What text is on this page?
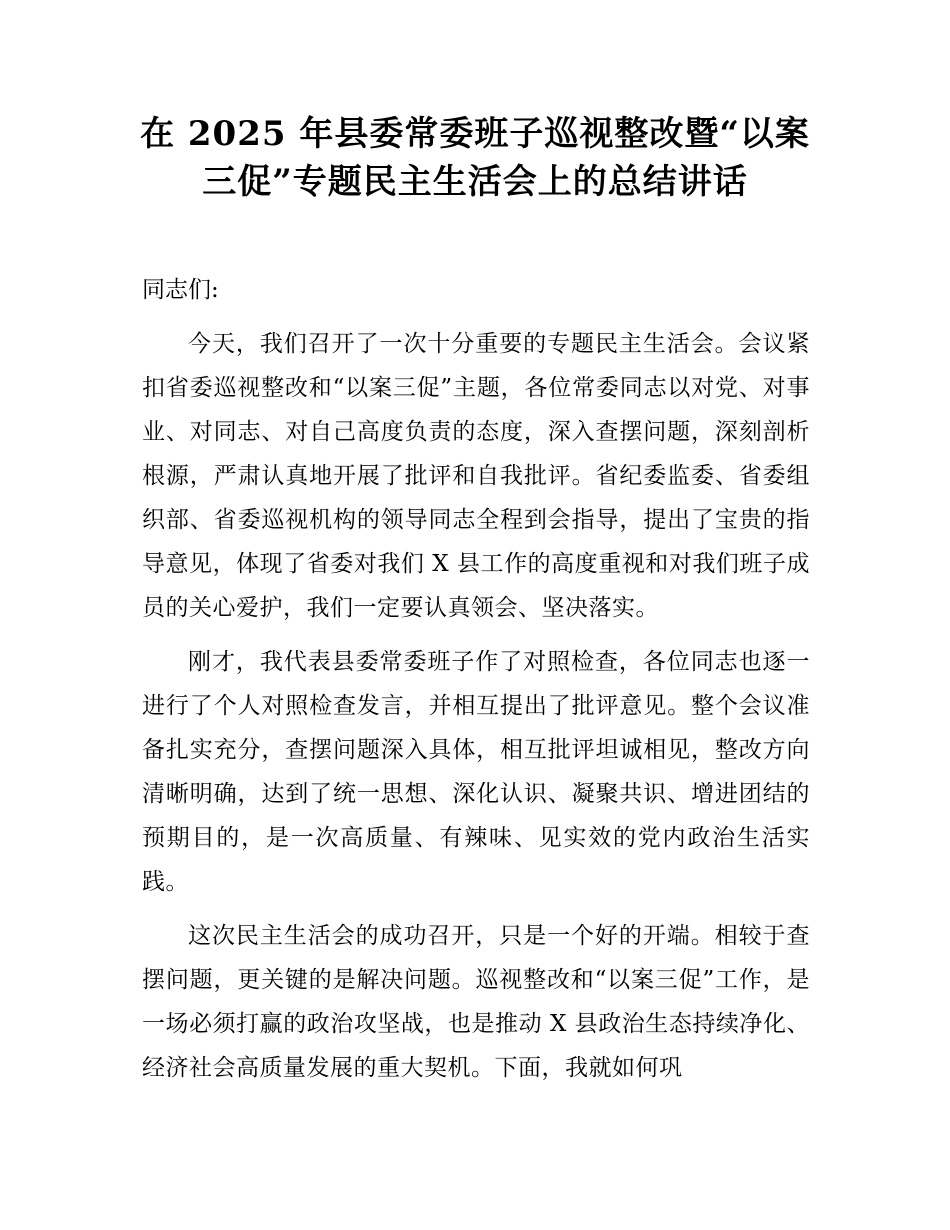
在 2025 年县委常委班子巡视整改暨“以案三促”专题民主生活会上的总结讲话

同志们:

今天，我们召开了一次十分重要的专题民主生活会。会议紧扣省委巡视整改和“以案三促”主题，各位常委同志以对党、对事业、对同志、对自己高度负责的态度，深入查摆问题，深刻剖析根源，严肃认真地开展了批评和自我批评。省纪委监委、省委组织部、省委巡视机构的领导同志全程到会指导，提出了宝贵的指导意见，体现了省委对我们 X 县工作的高度重视和对我们班子成员的关心爱护，我们一定要认真领会、坚决落实。

刚才，我代表县委常委班子作了对照检查，各位同志也逐一进行了个人对照检查发言，并相互提出了批评意见。整个会议准备扎实充分，查摆问题深入具体，相互批评坦诚相见，整改方向清晰明确，达到了统一思想、深化认识、凝聚共识、增进团结的预期目的，是一次高质量、有辣味、见实效的党内政治生活实践。

这次民主生活会的成功召开，只是一个好的开端。相较于查摆问题，更关键的是解决问题。巡视整改和“以案三促”工作，是一场必须打赢的政治攻坚战，也是推动 X 县政治生态持续净化、经济社会高质量发展的重大契机。下面，我就如何巩
